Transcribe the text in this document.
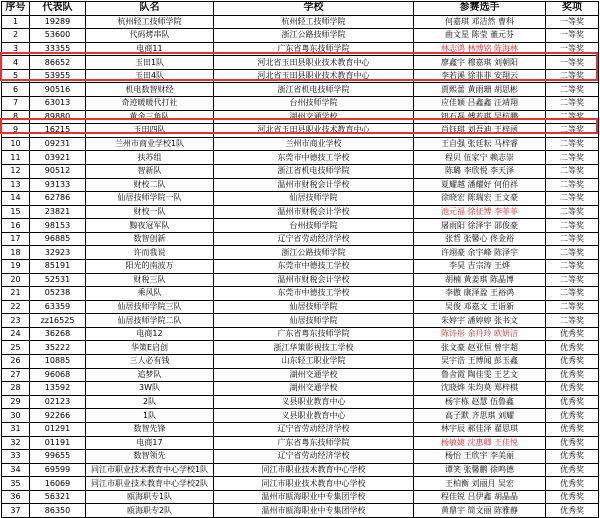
序号	代表队	队名	学校	参赛选手	奖项
1	19289	杭州轻工技师学院	杭州轻工技师学院	何嘉琪 邓洁然 曹科	一等奖
2	53600	代码烤串队	浙江公路技师学院	曲文星 陈莹 董元芬	一等奖
3	33355	电商11	广东省粤东技师学院	林志鸿 林博铭 陈海林	一等奖
4	86652	玉田1队	河北省玉田县职业技术教育中心	廖鑫宇 穆嘉琪 刘朝阳	一等奖
5	53955	玉田4队	河北省玉田县职业技术教育中心	李若溪 徐菲菲 安翔云	二等奖
6	90516	机电数智财经	浙江省机电技师学院	贾熙蕾 黄雨珊 胡思彬	二等奖
7	63013	奇迹暖暖代打社	台州技师学院	应佳颖 吕鑫鑫 汪靖翔	二等奖
8	89880	黄金三角队	湖州交通学校	钮石磊 傅若琪 吴杭鹏	二等奖
9	16215	玉田四队	河北省玉田县职业技术教育中心	肖钰琪 刘吾迪 王梓函	二等奖
10	09231	兰州市商业学校1队	兰州市商业学校	王自强 张廷耘 马梓睿	二等奖
11	03921	扶苏组	东莞市中德技工学校	程贝 伍家宁 赖志崇	二等奖
12	90512	智新队	浙江省机电技师学院	陈璐 李欣悦 李天泽	二等奖
13	93133	财校二队	温州市财税会计学校	夏耀越 潘耀好 何伯祥	二等奖
14	62786	仙居技师学院一队	仙居技师学院	徐晓宏 陈瑞宏 王文豪	二等奖
15	23821	财校一队	温州市财税会计学校	池元福 徐征博 李菲菲	二等奖
16	98153	黥夜冠军队	台州技师学院	屠雨阳 徐泽宇 邵俊豪	二等奖
17	96885	数智创新	辽宁省劳动经济学校	张哲 张馨心 佟金裕	二等奖
18	32923	许而我说	浙江公路技师学院	许翊豪 余宇峰 陈泽宇	二等奖
19	85191	阳光的南波万	东莞市中德技工学校	李昊 吉宗涛 王烨	二等奖
20	52531	财税三队	温州市财税会计学校	胡楠 黄姜琪 陈晶博	二等奖
21	05238	乘风队	东莞市中德技工学校	李傲 康泽盈 王裕鸿	二等奖
22	63359	仙居技师学院三队	仙居技师学院	吴俊 邓嘉文 王诣新	二等奖
23	zz16525	仙居技师学院二队	仙居技师学院	朱婷宇 潘婷婷 张书文	二等奖
24	36268	电商12	广东省粤东技师学院	陈诗彤 余丹玲 欧妍洁	优秀奖
25	35222	华策E启创	浙江华策影视技工学校	张文豪 赵亚恒 曾宇超	优秀奖
26	10885	三人必有钱	山东轻工职业学院	吴宇浩 王博闻 彭玉鑫	优秀奖
27	96068	追梦队	湖州交通学校	鲁舍霞 陶佳雯 王艺文	优秀奖
28	13592	3W队	湖州交通学校	沈晓烨 朱均莫 郑梓棋	优秀奖
29	02123	2队	义县职业教育中心	杨宇栋 赵慧 伍鲁鑫	优秀奖
30	92266	1队	义县职业教育中心	高子默 齐思琪 刘耀	优秀奖
31	01291	数智先锋	辽宁省劳动经济学校	林宇辰 郝佳泽 翟思琪	优秀奖
32	01191	电商17	广东省粤东技师学院	杨敏婕 沈惠卿 王佳悦	优秀奖
33	99655	数智领先	辽宁省劳动经济学校	杨怡 王欣宇 李美丽	优秀奖
34	69599	同江市职业技术教育中心学校1队	同江市职业技术教育中心学校	谭笑 张馨鹏 徐鸣德	优秀奖
35	16069	同江市职业技术教育中心学校2队	同江市职业技术教育中心学校	王柏衡 刘丽月 吴宏	优秀奖
36	56321	瓯海职专1队	温州市瓯海职业中专集团学校	程佳锐 吕伊鑫 胡晶晶	优秀奖
37	86350	瓯海职专2队	温州市瓯海职业中专集团学校	黄鼎宇 简文丽 陈雅静	优秀奖
